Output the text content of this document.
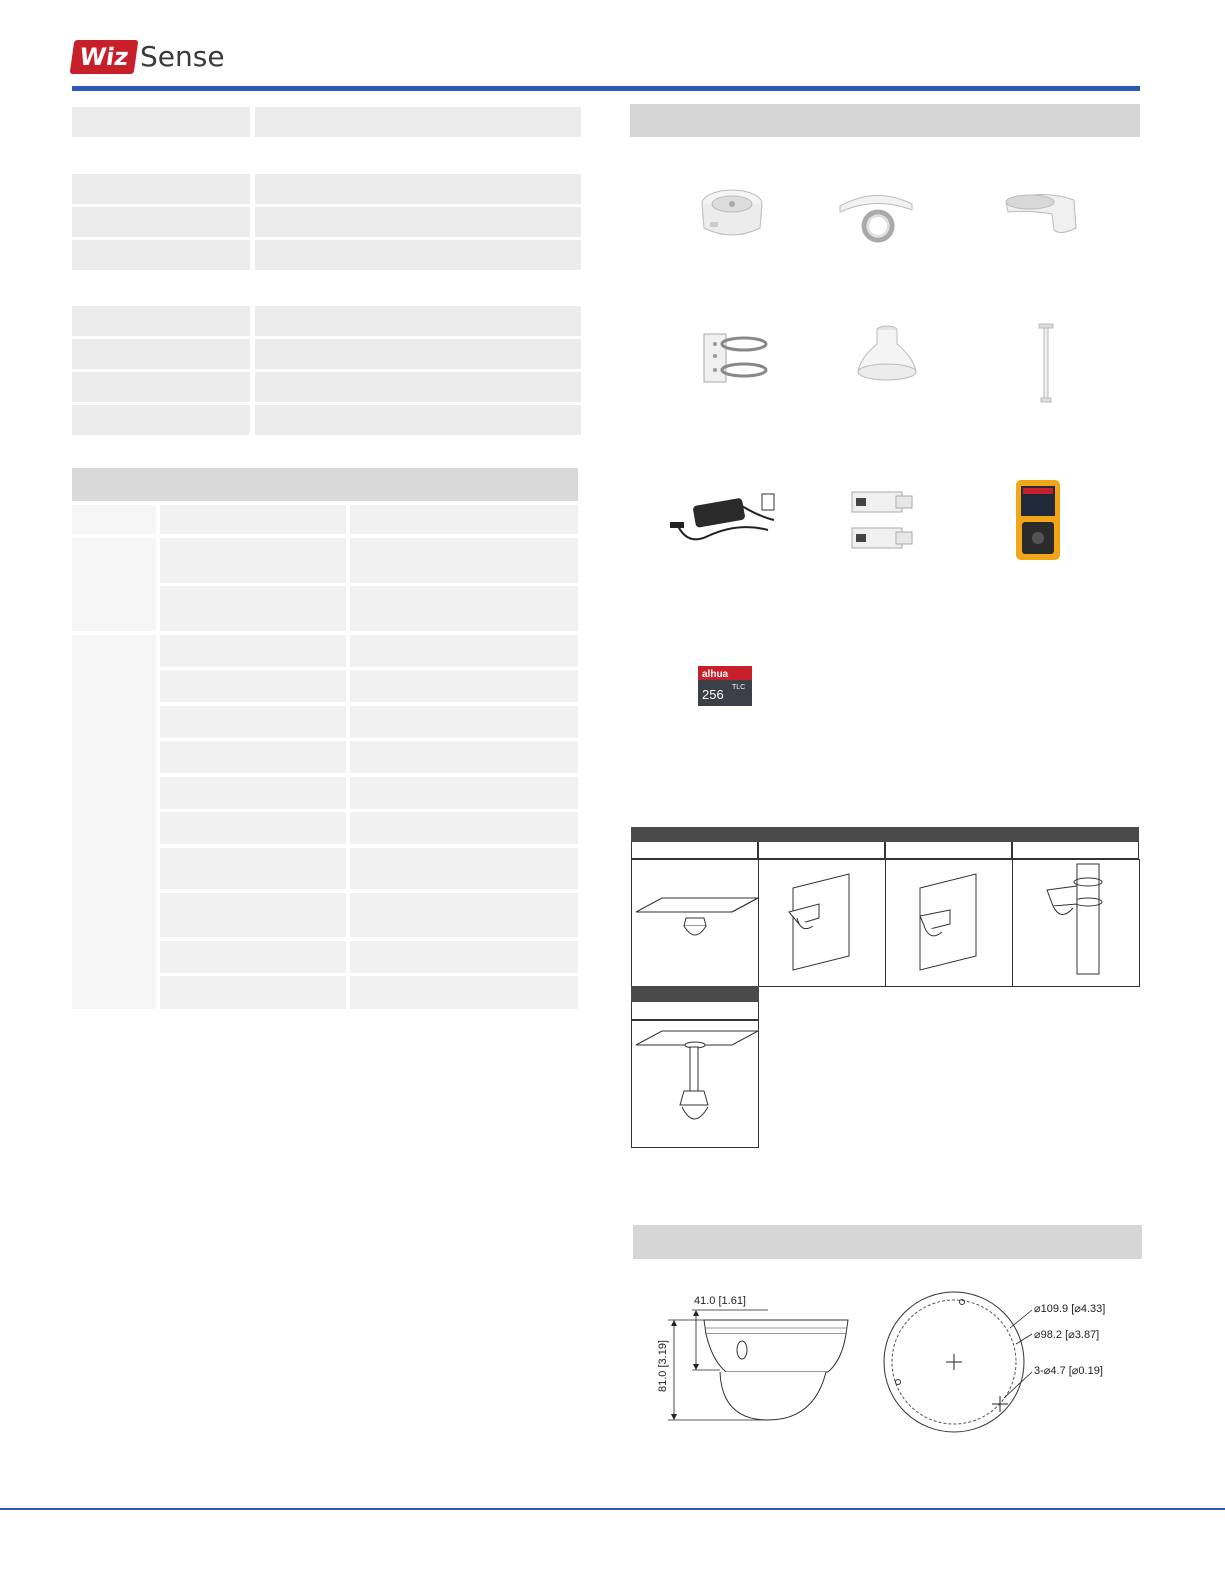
Wiz Sense
alhua
256 TLC
41.0 [1.61]
81.0 [3.19]
⌀109.9 [⌀4.33]
⌀98.2 [⌀3.87]
3-⌀4.7 [⌀0.19]
